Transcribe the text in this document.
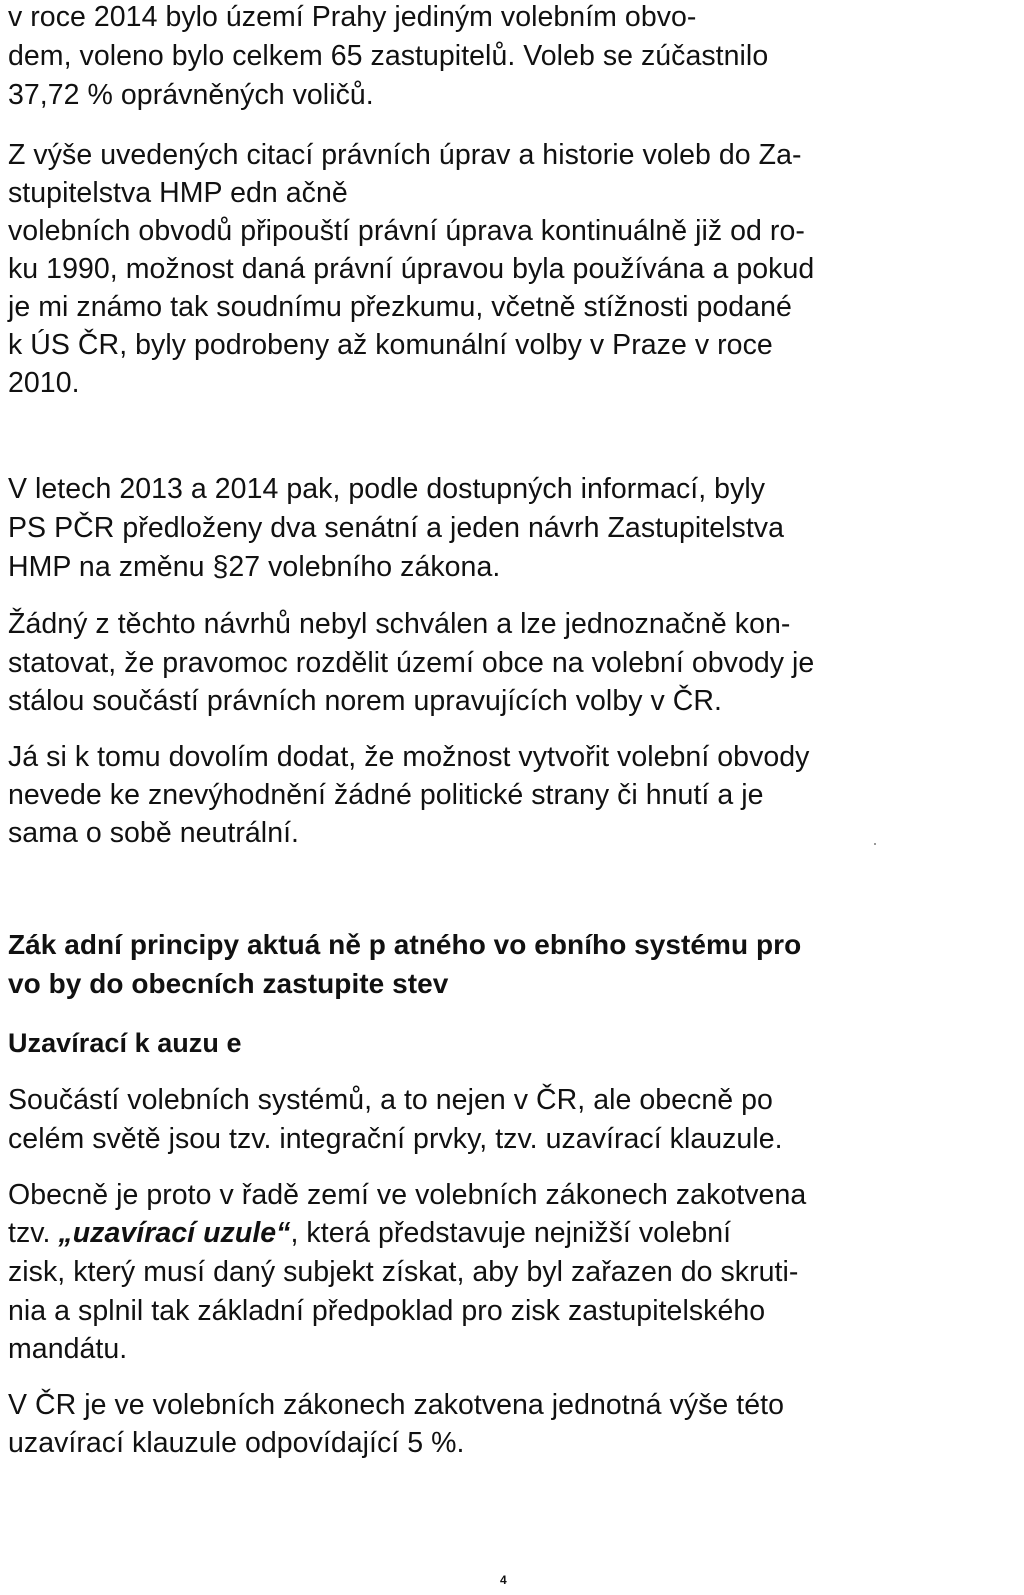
v roce 2014 bylo území Prahy jediným volebním obvo-
dem, voleno bylo celkem 65 zastupitelů. Voleb se zúčastnilo
37,72 % oprávněných voličů.
Z výše uvedených citací právních úprav a historie voleb do Za-
stupitelstva HMP edn ačně
volebních obvodů připouští právní úprava kontinuálně již od ro-
ku 1990, možnost daná právní úpravou byla používána a pokud
je mi známo tak soudnímu přezkumu, včetně stížnosti podané
k ÚS ČR, byly podrobeny až komunální volby v Praze v roce
2010.
V letech 2013 a 2014 pak, podle dostupných informací, byly
PS PČR předloženy dva senátní a jeden návrh Zastupitelstva
HMP na změnu §27 volebního zákona.
Žádný z těchto návrhů nebyl schválen a lze jednoznačně kon-
statovat, že pravomoc rozdělit území obce na volební obvody je
stálou součástí právních norem upravujících volby v ČR.
Já si k tomu dovolím dodat, že možnost vytvořit volební obvody
nevede ke znevýhodnění žádné politické strany či hnutí a je
sama o sobě neutrální.
Zák adní principy aktuá ně p atného vo ebního systému pro
vo by do obecních zastupite stev
Uzavírací k auzu e
Součástí volebních systémů, a to nejen v ČR, ale obecně po
celém světě jsou tzv. integrační prvky, tzv. uzavírací klauzule.
Obecně je proto v řadě zemí ve volebních zákonech zakotvena
tzv. „uzavírací uzule“, která představuje nejnižší volební
zisk, který musí daný subjekt získat, aby byl zařazen do skruti-
nia a splnil tak základní předpoklad pro zisk zastupitelského
mandátu.
V ČR je ve volebních zákonech zakotvena jednotná výše této
uzavírací klauzule odpovídající 5 %.
4
